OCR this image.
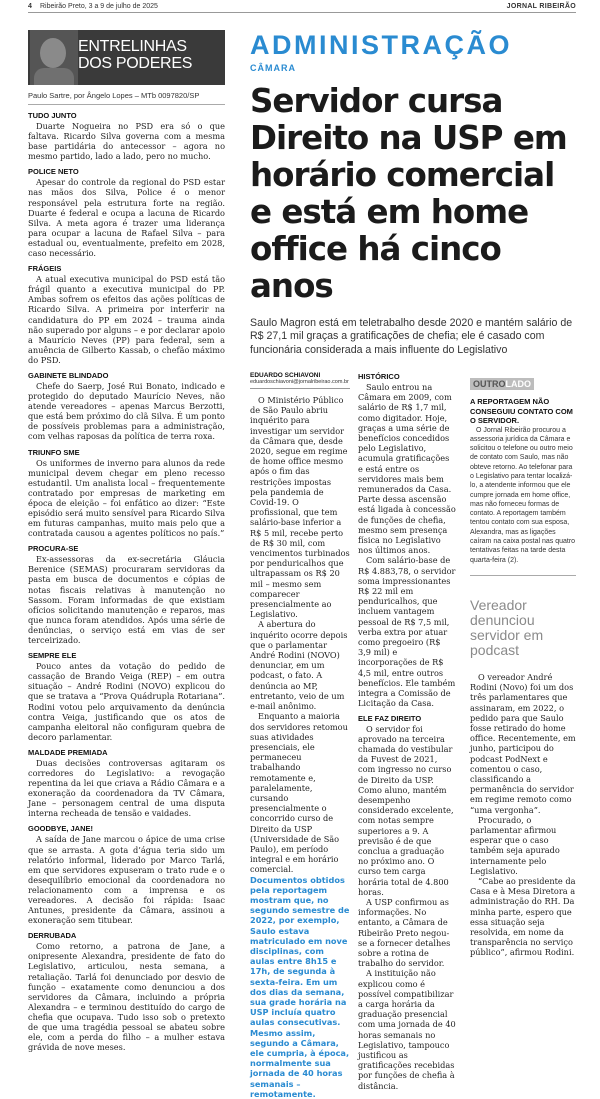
4 Ribeirão Preto, 3 a 9 de julho de 2025	JORNAL RIBEIRÃO
ENTRELINHAS
DOS PODERES
Paulo Sartre, por Ângelo Lopes – MTb 0097820/SP
TUDO JUNTO

Duarte Nogueira no PSD era só o que faltava. Ricardo Silva governa com a mesma base partidária do antecessor – agora no mesmo partido, lado a lado, pero no mucho.

POLICE NETO

Apesar do controle da regional do PSD estar nas mãos dos Silva, Police é o menor responsável pela estrutura forte na região. Duarte é federal e ocupa a lacuna de Ricardo Silva. A meta agora é trazer uma liderança para ocupar a lacuna de Rafael Silva – para estadual ou, eventualmente, prefeito em 2028, caso necessário.

FRÁGEIS

A atual executiva municipal do PSD está tão frágil quanto a executiva municipal do PP. Ambas sofrem os efeitos das ações políticas de Ricardo Silva. A primeira por interferir na candidatura do PP em 2024 – trauma ainda não superado por alguns – e por declarar apoio a Maurício Neves (PP) para federal, sem a anuência de Gilberto Kassab, o chefão máximo do PSD.

GABINETE BLINDADO

Chefe do Saerp, José Rui Bonato, indicado e protegido do deputado Maurício Neves, não atende vereadores – apenas Marcus Berzotti, que está bem próximo do clã Silva. É um ponto de possíveis problemas para a administração, com velhas raposas da política de terra roxa.

TRIUNFO SME

Os uniformes de inverno para alunos da rede municipal devem chegar em pleno recesso estudantil. Um analista local – frequentemente contratado por empresas de marketing em época de eleição – foi enfático ao dizer: “Este episódio será muito sensível para Ricardo Silva em futuras campanhas, muito mais pelo que a contratada causou a agentes políticos no país.”

PROCURA-SE

Ex-assessoras da ex-secretária Gláucia Berenice (SEMAS) procuraram servidoras da pasta em busca de documentos e cópias de notas fiscais relativas à manutenção no Sassom. Foram informadas de que existiam ofícios solicitando manutenção e reparos, mas que nunca foram atendidos. Após uma série de denúncias, o serviço está em vias de ser terceirizado.

SEMPRE ELE

Pouco antes da votação do pedido de cassação de Brando Veiga (REP) – em outra situação – André Rodini (NOVO) explicou do que se tratava a “Prova Quádrupla Rotariana”. Rodini votou pelo arquivamento da denúncia contra Veiga, justificando que os atos de campanha eleitoral não configuram quebra de decoro parlamentar.

MALDADE PREMIADA

Duas decisões controversas agitaram os corredores do Legislativo: a revogação repentina da lei que criava a Rádio Câmara e a exoneração da coordenadora da TV Câmara, Jane – personagem central de uma disputa interna recheada de tensão e vaidades.

GOODBYE, JANE!

A saída de Jane marcou o ápice de uma crise que se arrasta. A gota d’água teria sido um relatório informal, liderado por Marco Tarlá, em que servidores expuseram o trato rude e o desequilíbrio emocional da coordenadora no relacionamento com a imprensa e os vereadores. A decisão foi rápida: Isaac Antunes, presidente da Câmara, assinou a exoneração sem titubear.

DERRUBADA

Como retorno, a patrona de Jane, a onipresente Alexandra, presidente de fato do Legislativo, articulou, nesta semana, a retaliação. Tarlá foi denunciado por desvio de função – exatamente como denunciou a dos servidores da Câmara, incluindo a própria Alexandra – e terminou destituído do cargo de chefia que ocupava. Tudo isso sob o pretexto de que uma tragédia pessoal se abateu sobre ele, com a perda do filho – a mulher estava grávida de nove meses.

ADMINISTRAÇÃO
CÂMARA
Servidor cursa Direito na USP em horário comercial e está em home office há cinco anos
Saulo Magron está em teletrabalho desde 2020 e mantém salário de R$ 27,1 mil graças a gratificações de chefia; ele é casado com funcionária considerada a mais influente do Legislativo
EDUARDO SCHIAVONI
eduardoschiavoni@jornalribeirao.com.br

O Ministério Público de São Paulo abriu inquérito para investigar um servidor da Câmara que, desde 2020, segue em regime de home office mesmo após o fim das restrições impostas pela pandemia de Covid-19. O profissional, que tem salário-base inferior a R$ 5 mil, recebe perto de R$ 30 mil, com vencimentos turbinados por penduricalhos que ultrapassam os R$ 20 mil – mesmo sem comparecer presencialmente ao Legislativo.

A abertura do inquérito ocorre depois que o parlamentar André Rodini (NOVO) denunciar, em um podcast, o fato. A denúncia ao MP, entretanto, veio de um e-mail anônimo.

Enquanto a maioria dos servidores retomou suas atividades presenciais, ele permaneceu trabalhando remotamente e, paralelamente, cursando presencialmente o concorrido curso de Direito da USP (Universidade de São Paulo), em período integral e em horário comercial.

Documentos obtidos pela reportagem mostram que, no segundo semestre de 2022, por exemplo, Saulo estava matriculado em nove disciplinas, com aulas entre 8h15 e 17h, de segunda à sexta-feira. Em um dos dias da semana, sua grade horária na USP incluía quatro aulas consecutivas. Mesmo assim, segundo a Câmara, ele cumpria, à época, normalmente sua jornada de 40 horas semanais – remotamente.
HISTÓRICO

Saulo entrou na Câmara em 2009, com salário de R$ 1,7 mil, como digitador. Hoje, graças a uma série de benefícios concedidos pelo Legislativo, acumula gratificações e está entre os servidores mais bem remunerados da Casa. Parte dessa ascensão está ligada à concessão de funções de chefia, mesmo sem presença física no Legislativo nos últimos anos.

Com salário-base de R$ 4.883,78, o servidor soma impressionantes R$ 22 mil em penduricalhos, que incluem vantagem pessoal de R$ 7,5 mil, verba extra por atuar como pregoeiro (R$ 3,9 mil) e incorporações de R$ 4,5 mil, entre outros benefícios. Ele também integra a Comissão de Licitação da Casa.

ELE FAZ DIREITO

O servidor foi aprovado na terceira chamada do vestibular da Fuvest de 2021, com ingresso no curso de Direito da USP. Como aluno, mantém desempenho considerado excelente, com notas sempre superiores a 9. A previsão é de que conclua a graduação no próximo ano. O curso tem carga horária total de 4.800 horas.

A USP confirmou as informações. No entanto, a Câmara de Ribeirão Preto negou-se a fornecer detalhes sobre a rotina de trabalho do servidor.

A instituição não explicou como é possível compatibilizar a carga horária da graduação presencial com uma jornada de 40 horas semanais no Legislativo, tampouco justificou as gratificações recebidas por funções de chefia à distância.

OUTROLADO
A REPORTAGEM NÃO CONSEGUIU CONTATO COM O SERVIDOR.

O Jornal Ribeirão procurou a assessoria jurídica da Câmara e solicitou o telefone ou outro meio de contato com Saulo, mas não obteve retorno. Ao telefonar para o Legislativo para tentar localizá-lo, a atendente informou que ele cumpre jornada em home office, mas não forneceu formas de contato. A reportagem também tentou contato com sua esposa, Alexandra, mas as ligações caíram na caixa postal nas quatro tentativas feitas na tarde desta quarta-feira (2).

Vereador denunciou servidor em podcast

O vereador André Rodini (Novo) foi um dos três parlamentares que assinaram, em 2022, o pedido para que Saulo fosse retirado do home office. Recentemente, em junho, participou do podcast PodNext e comentou o caso, classificando a permanência do servidor em regime remoto como “uma vergonha”.

Procurado, o parlamentar afirmou esperar que o caso também seja apurado internamente pelo Legislativo.

“Cabe ao presidente da Casa e à Mesa Diretora a administração do RH. Da minha parte, espero que essa situação seja resolvida, em nome da transparência no serviço público”, afirmou Rodini.
